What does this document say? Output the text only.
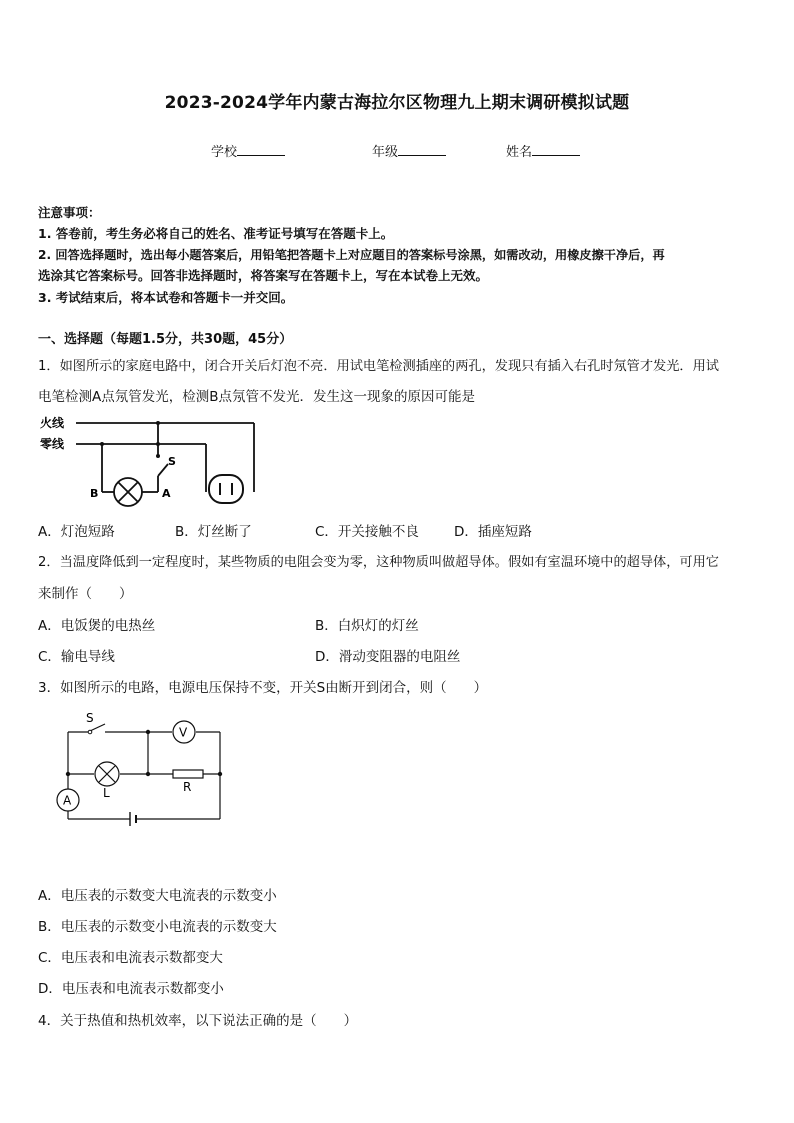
2023-2024学年内蒙古海拉尔区物理九上期末调研模拟试题
学校	年级	姓名
注意事项：
1. 答卷前，考生务必将自己的姓名、准考证号填写在答题卡上。
2. 回答选择题时，选出每小题答案后，用铅笔把答题卡上对应题目的答案标号涂黑，如需改动，用橡皮擦干净后，再
选涂其它答案标号。回答非选择题时，将答案写在答题卡上，写在本试卷上无效。
3. 考试结束后，将本试卷和答题卡一并交回。
一、选择题（每题1.5分，共30题，45分）
1．如图所示的家庭电路中，闭合开关后灯泡不亮．用试电笔检测插座的两孔，发现只有插入右孔时氖管才发光．用试
电笔检测A点氖管发光，检测B点氖管不发光．发生这一现象的原因可能是
火线
零线
S
B	A
A．灯泡短路	B．灯丝断了	C．开关接触不良	D．插座短路
2．当温度降低到一定程度时，某些物质的电阻会变为零，这种物质叫做超导体。假如有室温环境中的超导体，可用它
来制作（　　）
A．电饭煲的电热丝	B．白炽灯的灯丝
C．输电导线	D．滑动变阻器的电阻丝
3．如图所示的电路，电源电压保持不变，开关S由断开到闭合，则（　　）
S
V
A
L	R
A．电压表的示数变大电流表的示数变小
B．电压表的示数变小电流表的示数变大
C．电压表和电流表示数都变大
D．电压表和电流表示数都变小
4．关于热值和热机效率，以下说法正确的是（　　）
